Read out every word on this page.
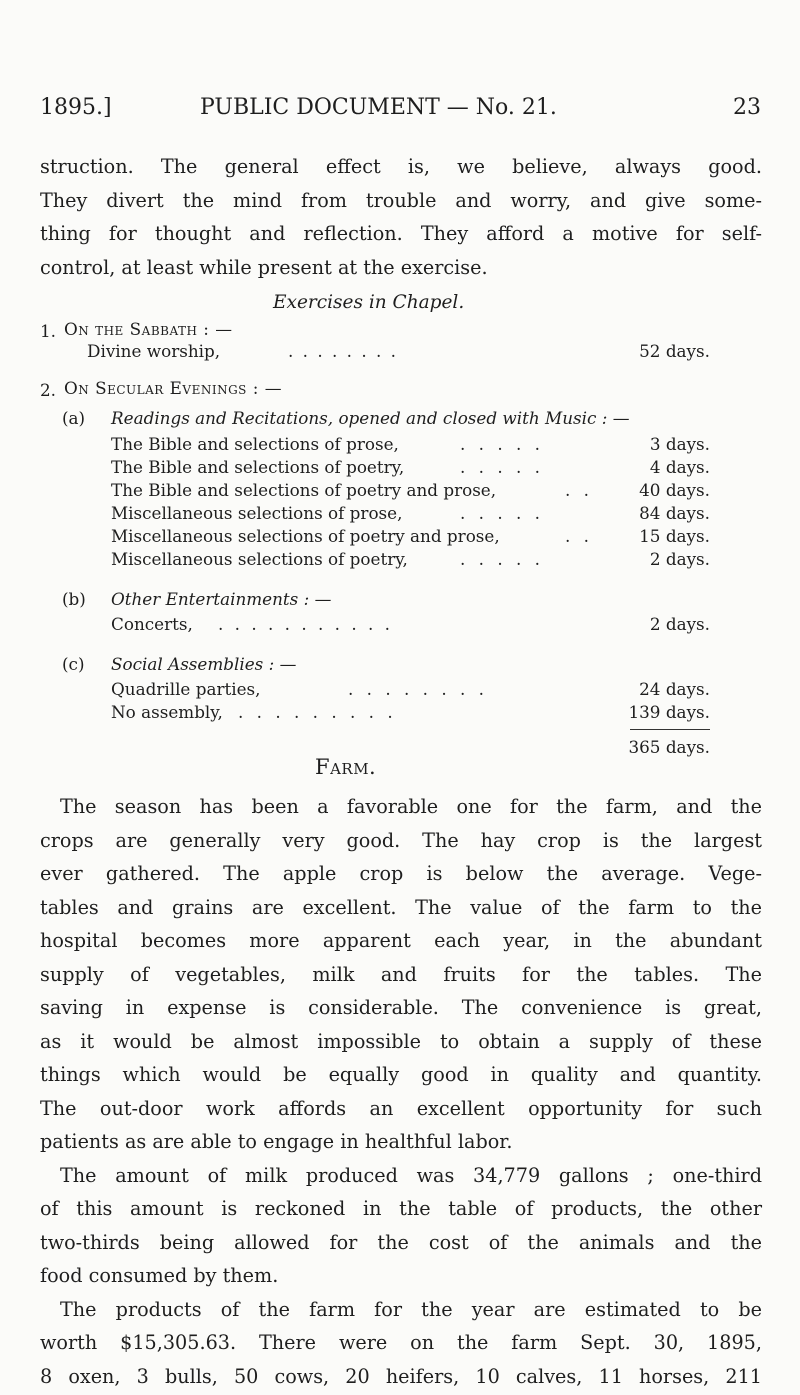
1895.]	PUBLIC DOCUMENT — No. 21.	23
struction. The general effect is, we believe, always good.
They divert the mind from trouble and worry, and give some-
thing for thought and reflection. They afford a motive for self-
control, at least while present at the exercise.
Exercises in Chapel.
1. On the Sabbath : —
Divine worship,	. . . . . . . .	52 days.
2. On Secular Evenings : —
(a) Readings and Recitations, opened and closed with Music : —
The Bible and selections of prose,	. . . . .	3 days.
The Bible and selections of poetry,	. . . . .	4 days.
The Bible and selections of poetry and prose,	. .	40 days.
Miscellaneous selections of prose,	. . . . .	84 days.
Miscellaneous selections of poetry and prose,	. .	15 days.
Miscellaneous selections of poetry,	. . . . .	2 days.
(b) Other Entertainments : —
Concerts, . . . . . . . . . . .	2 days.
(c) Social Assemblies : —
Quadrille parties,	. . . . . . . .	24 days.
No assembly, . . . . . . . . .	139 days.
365 days.
Farm.
The season has been a favorable one for the farm, and the
crops are generally very good. The hay crop is the largest
ever gathered. The apple crop is below the average. Vege-
tables and grains are excellent. The value of the farm to the
hospital becomes more apparent each year, in the abundant
supply of vegetables, milk and fruits for the tables. The
saving in expense is considerable. The convenience is great,
as it would be almost impossible to obtain a supply of these
things which would be equally good in quality and quantity.
The out-door work affords an excellent opportunity for such
patients as are able to engage in healthful labor.
The amount of milk produced was 34,779 gallons ; one-third
of this amount is reckoned in the table of products, the other
two-thirds being allowed for the cost of the animals and the
food consumed by them.
The products of the farm for the year are estimated to be
worth $15,305.63. There were on the farm Sept. 30, 1895,
8 oxen, 3 bulls, 50 cows, 20 heifers, 10 calves, 11 horses, 211
